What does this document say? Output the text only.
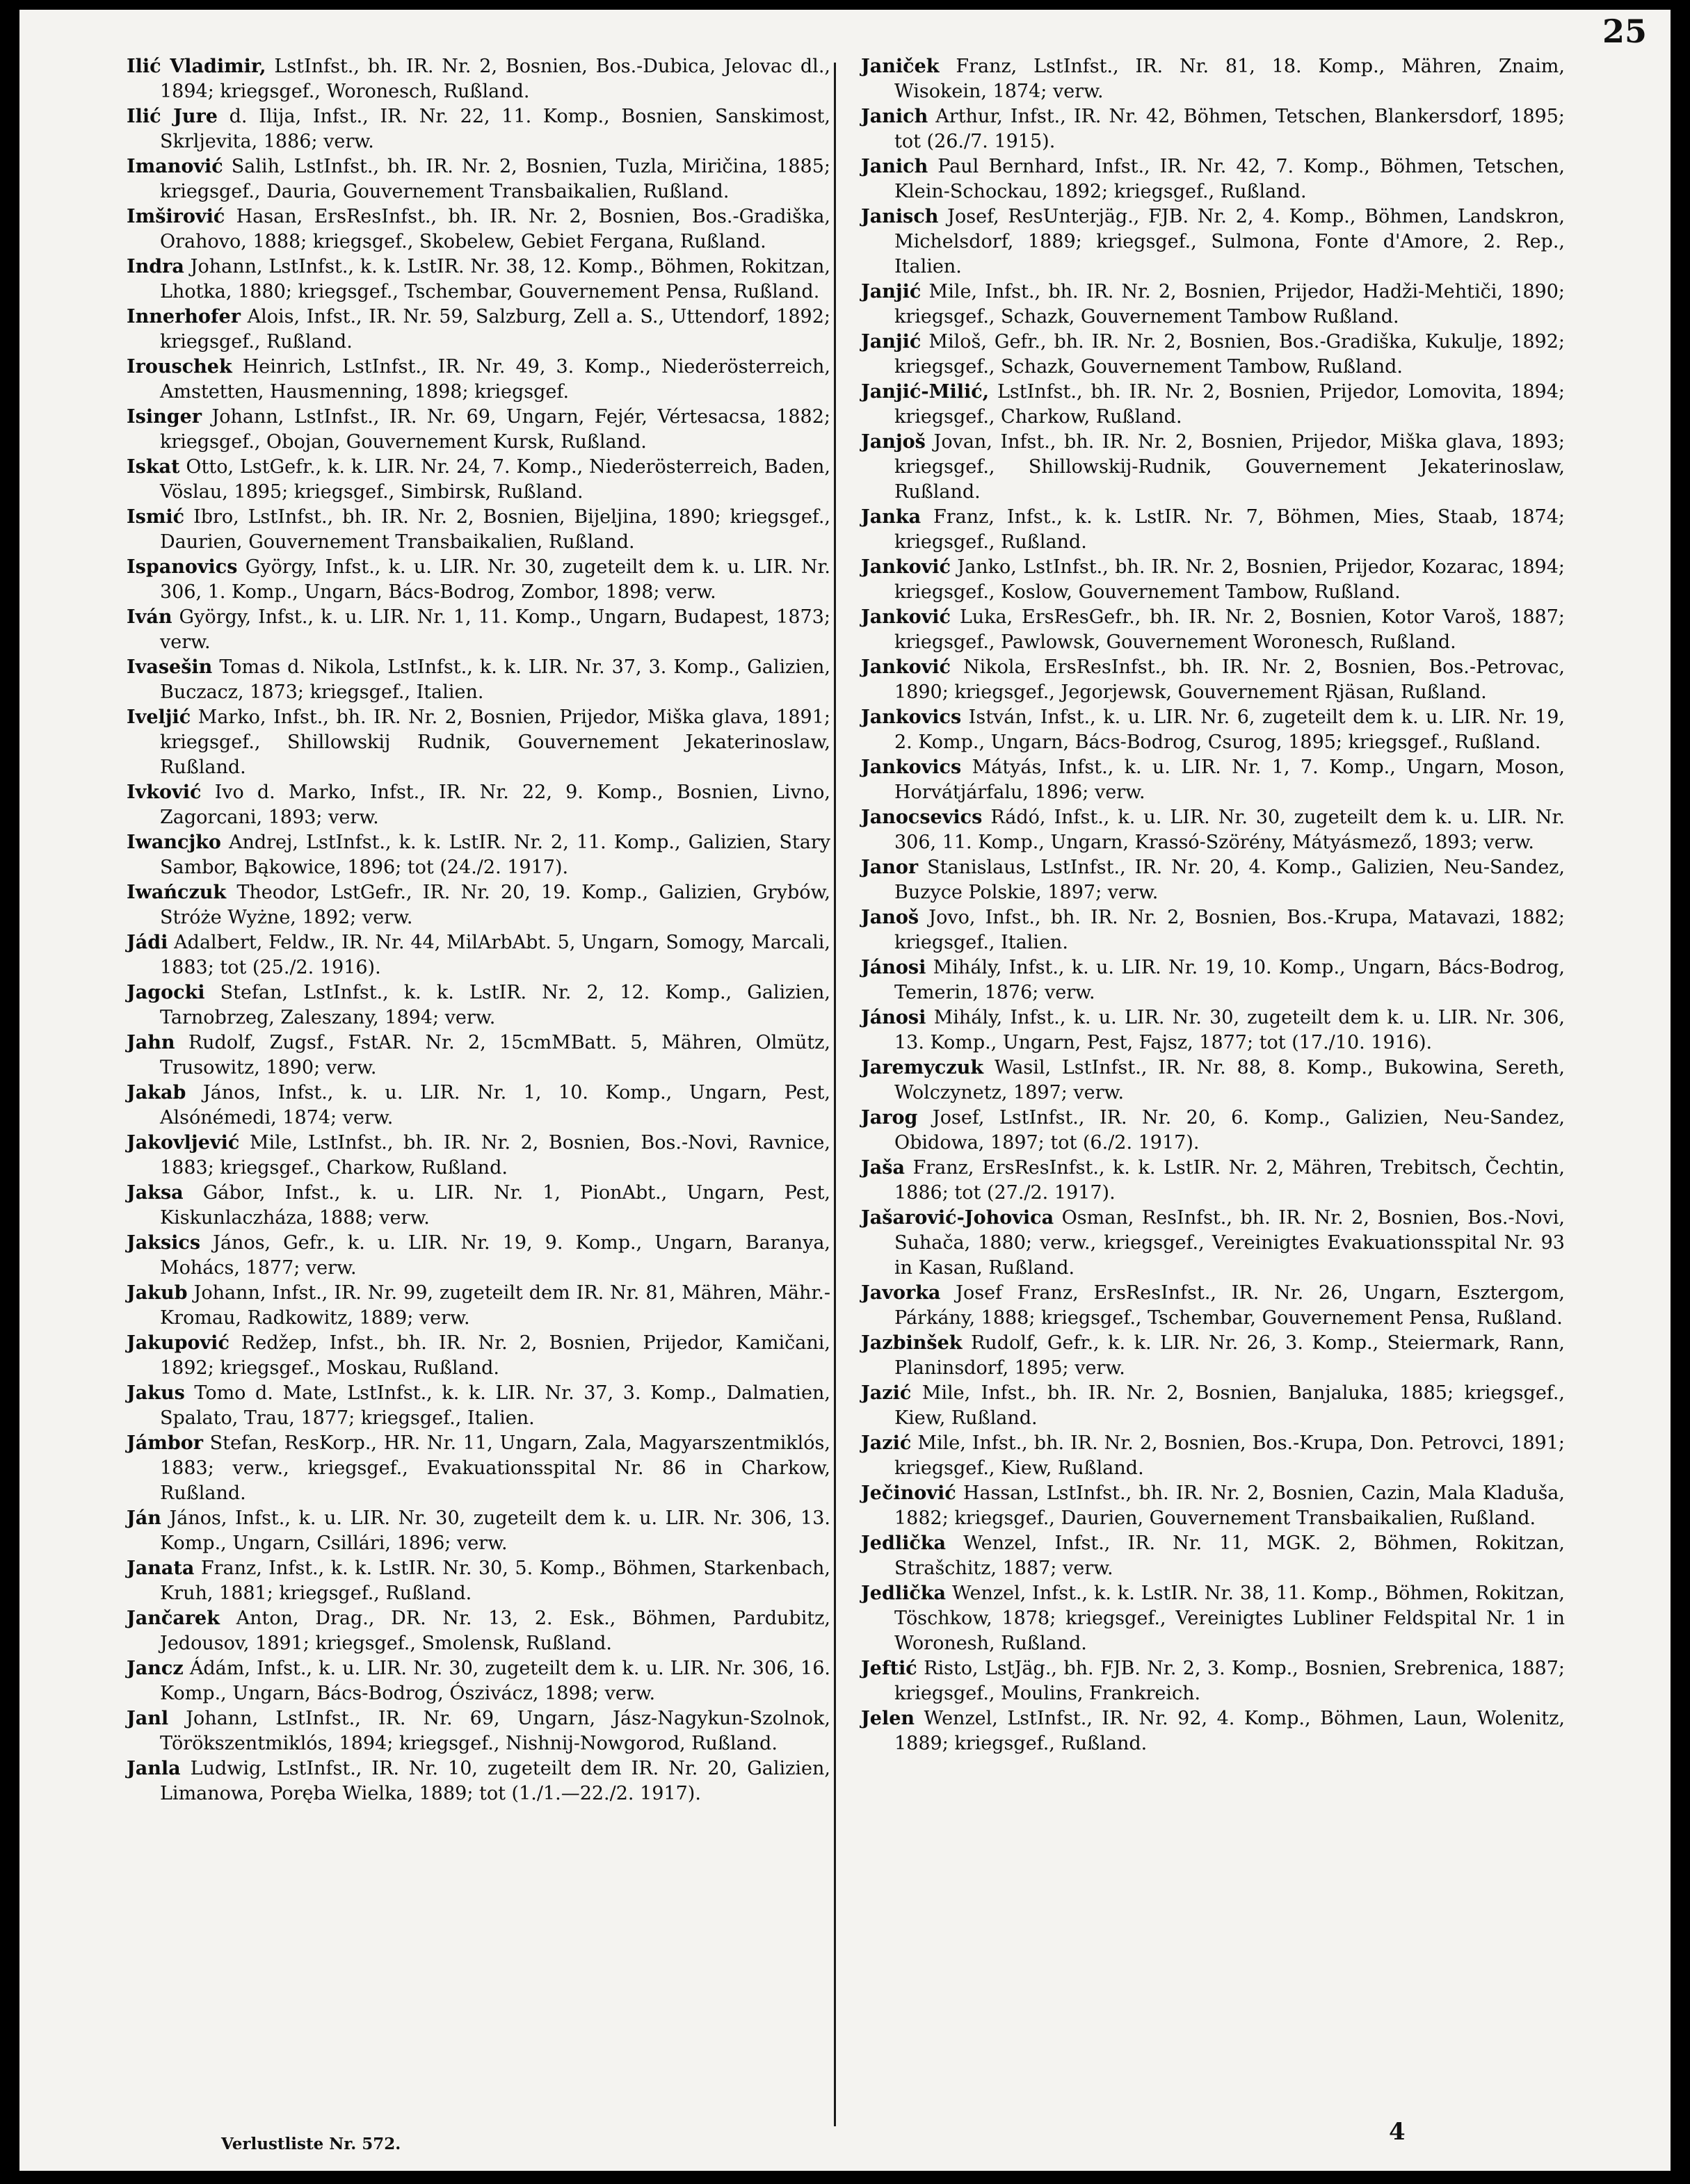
25

Ilić Vladimir, LstInfst., bh. IR. Nr. 2, Bosnien, Bos.-Dubica, Jelovac dl., 1894; kriegsgef., Woronesch, Rußland.

Ilić Jure d. Ilija, Infst., IR. Nr. 22, 11. Komp., Bosnien, Sanskimost, Skrljevita, 1886; verw.

Imanović Salih, LstInfst., bh. IR. Nr. 2, Bosnien, Tuzla, Miričina, 1885; kriegsgef., Dauria, Gouvernement Transbaikalien, Rußland.

Imširović Hasan, ErsResInfst., bh. IR. Nr. 2, Bosnien, Bos.-Gradiška, Orahovo, 1888; kriegsgef., Skobelew, Gebiet Fergana, Rußland.

Indra Johann, LstInfst., k. k. LstIR. Nr. 38, 12. Komp., Böhmen, Rokitzan, Lhotka, 1880; kriegsgef., Tschembar, Gouvernement Pensa, Rußland.

Innerhofer Alois, Infst., IR. Nr. 59, Salzburg, Zell a. S., Uttendorf, 1892; kriegsgef., Rußland.

Irouschek Heinrich, LstInfst., IR. Nr. 49, 3. Komp., Niederösterreich, Amstetten, Hausmenning, 1898; kriegsgef.

Isinger Johann, LstInfst., IR. Nr. 69, Ungarn, Fejér, Vértesacsa, 1882; kriegsgef., Obojan, Gouvernement Kursk, Rußland.

Iskat Otto, LstGefr., k. k. LIR. Nr. 24, 7. Komp., Niederösterreich, Baden, Vöslau, 1895; kriegsgef., Simbirsk, Rußland.

Ismić Ibro, LstInfst., bh. IR. Nr. 2, Bosnien, Bijeljina, 1890; kriegsgef., Daurien, Gouvernement Transbaikalien, Rußland.

Ispanovics György, Infst., k. u. LIR. Nr. 30, zugeteilt dem k. u. LIR. Nr. 306, 1. Komp., Ungarn, Bács-Bodrog, Zombor, 1898; verw.

Iván György, Infst., k. u. LIR. Nr. 1, 11. Komp., Ungarn, Budapest, 1873; verw.

Ivasešin Tomas d. Nikola, LstInfst., k. k. LIR. Nr. 37, 3. Komp., Galizien, Buczacz, 1873; kriegsgef., Italien.

Iveljić Marko, Infst., bh. IR. Nr. 2, Bosnien, Prijedor, Miška glava, 1891; kriegsgef., Shillowskij Rudnik, Gouvernement Jekaterinoslaw, Rußland.

Ivković Ivo d. Marko, Infst., IR. Nr. 22, 9. Komp., Bosnien, Livno, Zagorcani, 1893; verw.

Iwancjko Andrej, LstInfst., k. k. LstIR. Nr. 2, 11. Komp., Galizien, Stary Sambor, Bąkowice, 1896; tot (24./2. 1917).

Iwańczuk Theodor, LstGefr., IR. Nr. 20, 19. Komp., Galizien, Grybów, Stróże Wyżne, 1892; verw.

Jádi Adalbert, Feldw., IR. Nr. 44, MilArbAbt. 5, Ungarn, Somogy, Marcali, 1883; tot (25./2. 1916).

Jagocki Stefan, LstInfst., k. k. LstIR. Nr. 2, 12. Komp., Galizien, Tarnobrzeg, Zaleszany, 1894; verw.

Jahn Rudolf, Zugsf., FstAR. Nr. 2, 15cmMBatt. 5, Mähren, Olmütz, Trusowitz, 1890; verw.

Jakab János, Infst., k. u. LIR. Nr. 1, 10. Komp., Ungarn, Pest, Alsónémedi, 1874; verw.

Jakovljević Mile, LstInfst., bh. IR. Nr. 2, Bosnien, Bos.-Novi, Ravnice, 1883; kriegsgef., Charkow, Rußland.

Jaksa Gábor, Infst., k. u. LIR. Nr. 1, PionAbt., Ungarn, Pest, Kiskunlaczháza, 1888; verw.

Jaksics János, Gefr., k. u. LIR. Nr. 19, 9. Komp., Ungarn, Baranya, Mohács, 1877; verw.

Jakub Johann, Infst., IR. Nr. 99, zugeteilt dem IR. Nr. 81, Mähren, Mähr.-Kromau, Radkowitz, 1889; verw.

Jakupović Redžep, Infst., bh. IR. Nr. 2, Bosnien, Prijedor, Kamičani, 1892; kriegsgef., Moskau, Rußland.

Jakus Tomo d. Mate, LstInfst., k. k. LIR. Nr. 37, 3. Komp., Dalmatien, Spalato, Trau, 1877; kriegsgef., Italien.

Jámbor Stefan, ResKorp., HR. Nr. 11, Ungarn, Zala, Magyarszentmiklós, 1883; verw., kriegsgef., Evakuationsspital Nr. 86 in Charkow, Rußland.

Ján János, Infst., k. u. LIR. Nr. 30, zugeteilt dem k. u. LIR. Nr. 306, 13. Komp., Ungarn, Csillári, 1896; verw.

Janata Franz, Infst., k. k. LstIR. Nr. 30, 5. Komp., Böhmen, Starkenbach, Kruh, 1881; kriegsgef., Rußland.

Jančarek Anton, Drag., DR. Nr. 13, 2. Esk., Böhmen, Pardubitz, Jedousov, 1891; kriegsgef., Smolensk, Rußland.

Jancz Ádám, Infst., k. u. LIR. Nr. 30, zugeteilt dem k. u. LIR. Nr. 306, 16. Komp., Ungarn, Bács-Bodrog, Ószivácz, 1898; verw.

Janl Johann, LstInfst., IR. Nr. 69, Ungarn, Jász-Nagykun-Szolnok, Törökszentmiklós, 1894; kriegsgef., Nishnij-Nowgorod, Rußland.

Janla Ludwig, LstInfst., IR. Nr. 10, zugeteilt dem IR. Nr. 20, Galizien, Limanowa, Poręba Wielka, 1889; tot (1./1.—22./2. 1917).

Janiček Franz, LstInfst., IR. Nr. 81, 18. Komp., Mähren, Znaim, Wisokein, 1874; verw.

Janich Arthur, Infst., IR. Nr. 42, Böhmen, Tetschen, Blankersdorf, 1895; tot (26./7. 1915).

Janich Paul Bernhard, Infst., IR. Nr. 42, 7. Komp., Böhmen, Tetschen, Klein-Schockau, 1892; kriegsgef., Rußland.

Janisch Josef, ResUnterjäg., FJB. Nr. 2, 4. Komp., Böhmen, Landskron, Michelsdorf, 1889; kriegsgef., Sulmona, Fonte d'Amore, 2. Rep., Italien.

Janjić Mile, Infst., bh. IR. Nr. 2, Bosnien, Prijedor, Hadži-Mehtiči, 1890; kriegsgef., Schazk, Gouvernement Tambow Rußland.

Janjić Miloš, Gefr., bh. IR. Nr. 2, Bosnien, Bos.-Gradiška, Kukulje, 1892; kriegsgef., Schazk, Gouvernement Tambow, Rußland.

Janjić-Milić, LstInfst., bh. IR. Nr. 2, Bosnien, Prijedor, Lomovita, 1894; kriegsgef., Charkow, Rußland.

Janjoš Jovan, Infst., bh. IR. Nr. 2, Bosnien, Prijedor, Miška glava, 1893; kriegsgef., Shillowskij-Rudnik, Gouvernement Jekaterinoslaw, Rußland.

Janka Franz, Infst., k. k. LstIR. Nr. 7, Böhmen, Mies, Staab, 1874; kriegsgef., Rußland.

Janković Janko, LstInfst., bh. IR. Nr. 2, Bosnien, Prijedor, Kozarac, 1894; kriegsgef., Koslow, Gouvernement Tambow, Rußland.

Janković Luka, ErsResGefr., bh. IR. Nr. 2, Bosnien, Kotor Varoš, 1887; kriegsgef., Pawlowsk, Gouvernement Woronesch, Rußland.

Janković Nikola, ErsResInfst., bh. IR. Nr. 2, Bosnien, Bos.-Petrovac, 1890; kriegsgef., Jegorjewsk, Gouvernement Rjäsan, Rußland.

Jankovics István, Infst., k. u. LIR. Nr. 6, zugeteilt dem k. u. LIR. Nr. 19, 2. Komp., Ungarn, Bács-Bodrog, Csurog, 1895; kriegsgef., Rußland.

Jankovics Mátyás, Infst., k. u. LIR. Nr. 1, 7. Komp., Ungarn, Moson, Horvátjárfalu, 1896; verw.

Janocsevics Rádó, Infst., k. u. LIR. Nr. 30, zugeteilt dem k. u. LIR. Nr. 306, 11. Komp., Ungarn, Krassó-Szörény, Mátyásmező, 1893; verw.

Janor Stanislaus, LstInfst., IR. Nr. 20, 4. Komp., Galizien, Neu-Sandez, Buzyce Polskie, 1897; verw.

Janoš Jovo, Infst., bh. IR. Nr. 2, Bosnien, Bos.-Krupa, Matavazi, 1882; kriegsgef., Italien.

Jánosi Mihály, Infst., k. u. LIR. Nr. 19, 10. Komp., Ungarn, Bács-Bodrog, Temerin, 1876; verw.

Jánosi Mihály, Infst., k. u. LIR. Nr. 30, zugeteilt dem k. u. LIR. Nr. 306, 13. Komp., Ungarn, Pest, Fajsz, 1877; tot (17./10. 1916).

Jaremyczuk Wasil, LstInfst., IR. Nr. 88, 8. Komp., Bukowina, Sereth, Wolczynetz, 1897; verw.

Jarog Josef, LstInfst., IR. Nr. 20, 6. Komp., Galizien, Neu-Sandez, Obidowa, 1897; tot (6./2. 1917).

Jaša Franz, ErsResInfst., k. k. LstIR. Nr. 2, Mähren, Trebitsch, Čechtin, 1886; tot (27./2. 1917).

Jašarović-Johovica Osman, ResInfst., bh. IR. Nr. 2, Bosnien, Bos.-Novi, Suhača, 1880; verw., kriegsgef., Vereinigtes Evakuationsspital Nr. 93 in Kasan, Rußland.

Javorka Josef Franz, ErsResInfst., IR. Nr. 26, Ungarn, Esztergom, Párkány, 1888; kriegsgef., Tschembar, Gouvernement Pensa, Rußland.

Jazbinšek Rudolf, Gefr., k. k. LIR. Nr. 26, 3. Komp., Steiermark, Rann, Planinsdorf, 1895; verw.

Jazić Mile, Infst., bh. IR. Nr. 2, Bosnien, Banjaluka, 1885; kriegsgef., Kiew, Rußland.

Jazić Mile, Infst., bh. IR. Nr. 2, Bosnien, Bos.-Krupa, Don. Petrovci, 1891; kriegsgef., Kiew, Rußland.

Ječinović Hassan, LstInfst., bh. IR. Nr. 2, Bosnien, Cazin, Mala Kladuša, 1882; kriegsgef., Daurien, Gouvernement Transbaikalien, Rußland.

Jedlička Wenzel, Infst., IR. Nr. 11, MGK. 2, Böhmen, Rokitzan, Strašchitz, 1887; verw.

Jedlička Wenzel, Infst., k. k. LstIR. Nr. 38, 11. Komp., Böhmen, Rokitzan, Töschkow, 1878; kriegsgef., Vereinigtes Lubliner Feldspital Nr. 1 in Woronesh, Rußland.

Jeftić Risto, LstJäg., bh. FJB. Nr. 2, 3. Komp., Bosnien, Srebrenica, 1887; kriegsgef., Moulins, Frankreich.

Jelen Wenzel, LstInfst., IR. Nr. 92, 4. Komp., Böhmen, Laun, Wolenitz, 1889; kriegsgef., Rußland.

Verlustliste Nr. 572.	4
